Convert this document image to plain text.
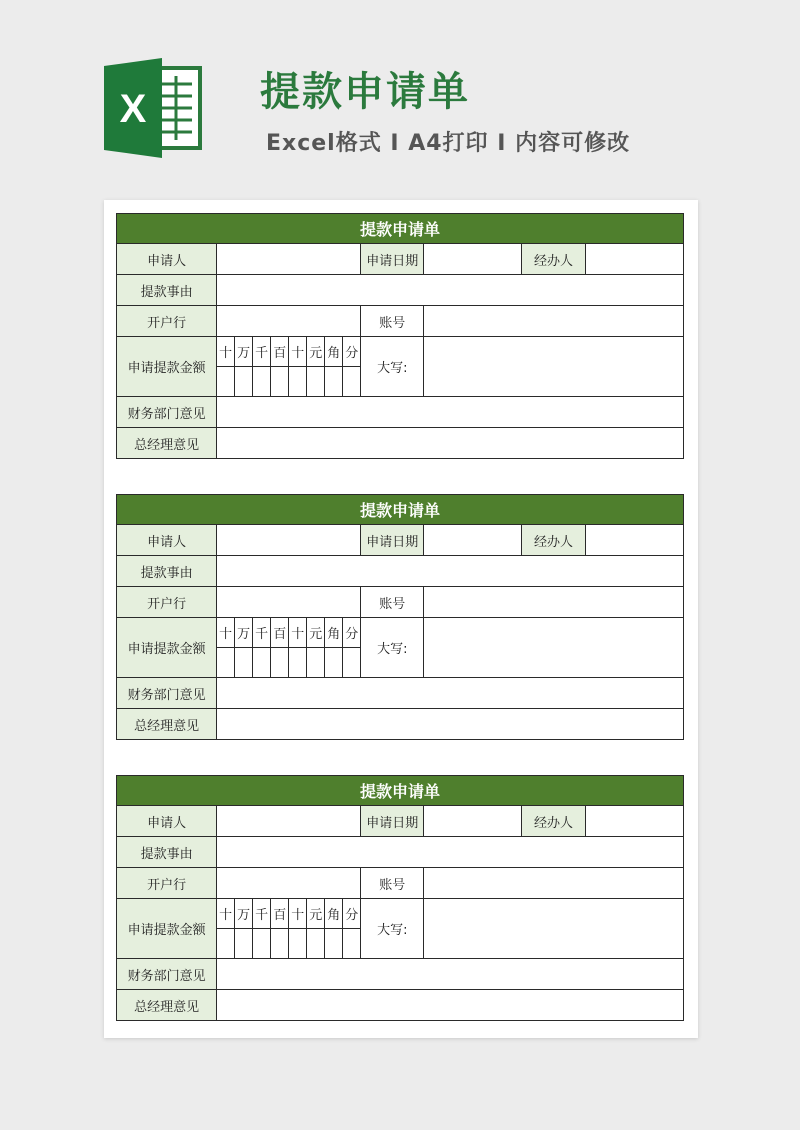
X	提款申请单
Excel格式 I A4打印 I 内容可修改
提款申请单												
申请人									申请日期		经办人	
提款事由												
开户行									账号			
申请提款金额	十	万	千	百	十	元	角	分	大写:			

财务部门意见												
总经理意见												
提款申请单												
申请人									申请日期		经办人	
提款事由												
开户行									账号			
申请提款金额	十	万	千	百	十	元	角	分	大写:			

财务部门意见												
总经理意见												
提款申请单												
申请人									申请日期		经办人	
提款事由												
开户行									账号			
申请提款金额	十	万	千	百	十	元	角	分	大写:			

财务部门意见												
总经理意见												
